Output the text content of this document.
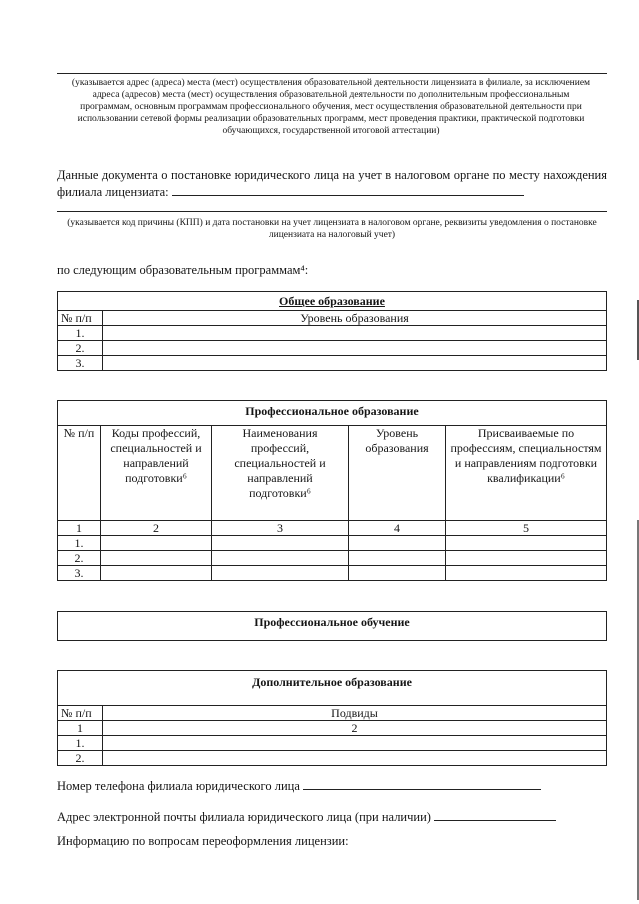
(указывается адрес (адреса) места (мест) осуществления образовательной деятельности лицензиата в филиале, за исключением адреса (адресов) места (мест) осуществления образовательной деятельности по дополнительным профессиональным программам, основным программам профессионального обучения, мест осуществления образовательной деятельности при использовании сетевой формы реализации образовательных программ, мест проведения практики, практической подготовки обучающихся, государственной итоговой аттестации)
Данные документа о постановке юридического лица на учет в налоговом органе по месту нахождения филиала лицензиата:
(указывается код причины (КПП) и дата постановки на учет лицензиата в налоговом органе, реквизиты уведомления о постановке лицензиата на налоговый учет)
по следующим образовательным программам⁴:
Общее образование	
№ п/п	Уровень образования
1.	
2.	
3.	
Профессиональное образование				
№ п/п	Коды профессий, специальностей и направлений подготовки⁶	Наименования профессий, специальностей и направлений подготовки⁶	Уровень образования	Присваиваемые по профессиям, специальностям и направлениям подготовки квалификации⁶
1	2	3	4	5
1.				
2.				
3.				
Профессиональное обучение
Дополнительное образование	
№ п/п	Подвиды
1	2
1.	
2.	
Номер телефона филиала юридического лица
Адрес электронной почты филиала юридического лица (при наличии)
Информацию по вопросам переоформления лицензии:
